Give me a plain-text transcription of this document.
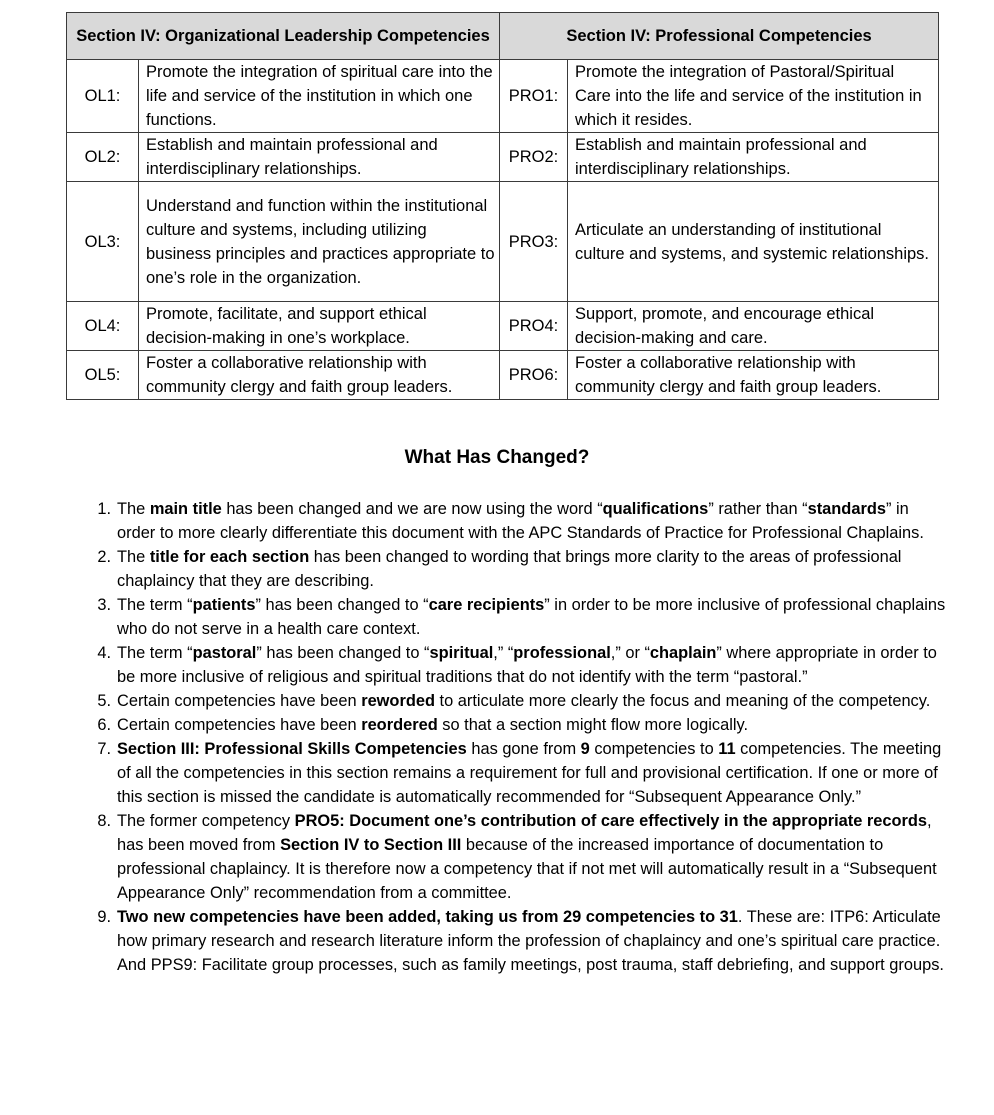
Section IV: Organizational Leadership Competencies		Section IV: Professional Competencies	
OL1:	Promote the integration of spiritual care into the life and service of the institution in which one functions.	PRO1:	Promote the integration of Pastoral/Spiritual Care into the life and service of the institution in which it resides.
OL2:	Establish and maintain professional and interdisciplinary relationships.	PRO2:	Establish and maintain professional and interdisciplinary relationships.
OL3:	Understand and function within the institutional culture and systems, including utilizing business principles and practices appropriate to one’s role in the organization.	PRO3:	Articulate an understanding of institutional culture and systems, and systemic relationships.
OL4:	Promote, facilitate, and support ethical decision-making in one’s workplace.	PRO4:	Support, promote, and encourage ethical decision-making and care.
OL5:	Foster a collaborative relationship with community clergy and faith group leaders.	PRO6:	Foster a collaborative relationship with community clergy and faith group leaders.
What Has Changed?
1. The main title has been changed and we are now using the word “qualifications” rather than “standards” in order to more clearly differentiate this document with the APC Standards of Practice for Professional Chaplains.
2. The title for each section has been changed to wording that brings more clarity to the areas of professional chaplaincy that they are describing.
3. The term “patients” has been changed to “care recipients” in order to be more inclusive of professional chaplains who do not serve in a health care context.
4. The term “pastoral” has been changed to “spiritual,” “professional,” or “chaplain” where appropriate in order to be more inclusive of religious and spiritual traditions that do not identify with the term “pastoral.”
5. Certain competencies have been reworded to articulate more clearly the focus and meaning of the competency.
6. Certain competencies have been reordered so that a section might flow more logically.
7. Section III: Professional Skills Competencies has gone from 9 competencies to 11 competencies. The meeting of all the competencies in this section remains a requirement for full and provisional certification. If one or more of this section is missed the candidate is automatically recommended for “Subsequent Appearance Only.”
8. The former competency PRO5: Document one’s contribution of care effectively in the appropriate records, has been moved from Section IV to Section III because of the increased importance of documentation to professional chaplaincy. It is therefore now a competency that if not met will automatically result in a “Subsequent Appearance Only” recommendation from a committee.
9. Two new competencies have been added, taking us from 29 competencies to 31. These are: ITP6: Articulate how primary research and research literature inform the profession of chaplaincy and one’s spiritual care practice. And PPS9: Facilitate group processes, such as family meetings, post trauma, staff debriefing, and support groups.
